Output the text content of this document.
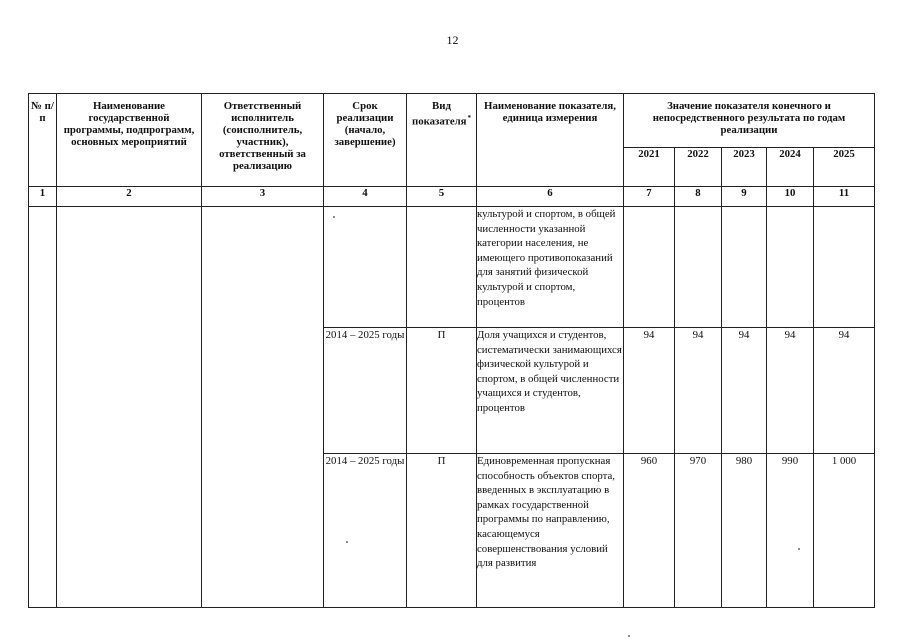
12
№ п/п	Наименование государственной программы, подпрограмм, основных мероприятий	Ответственный исполнитель (соисполнитель, участник), ответственный за реализацию	Срок реализации (начало, завершение)	Вид показателя*	Наименование показателя, единица измерения	Значение показателя конечного и непосредственного результата по годам реализации				

						2021	2022	2023	2024	2025
1	2	3	4	5	6	7	8	9	10	11
					культурой и спортом, в общей численности указанной категории населения, не имеющего противопоказаний для занятий физической культурой и спортом, процентов					
			2014 – 2025 годы	П	Доля учащихся и студентов, систематически занимающихся физической культурой и спортом, в общей численности учащихся и студентов, процентов	94	94	94	94	94
			2014 – 2025 годы	П	Единовременная пропускная способность объектов спорта, введенных в эксплуатацию в рамках государственной программы по направлению, касающемуся совершенствования условий для развития	960	970	980	990	1 000
